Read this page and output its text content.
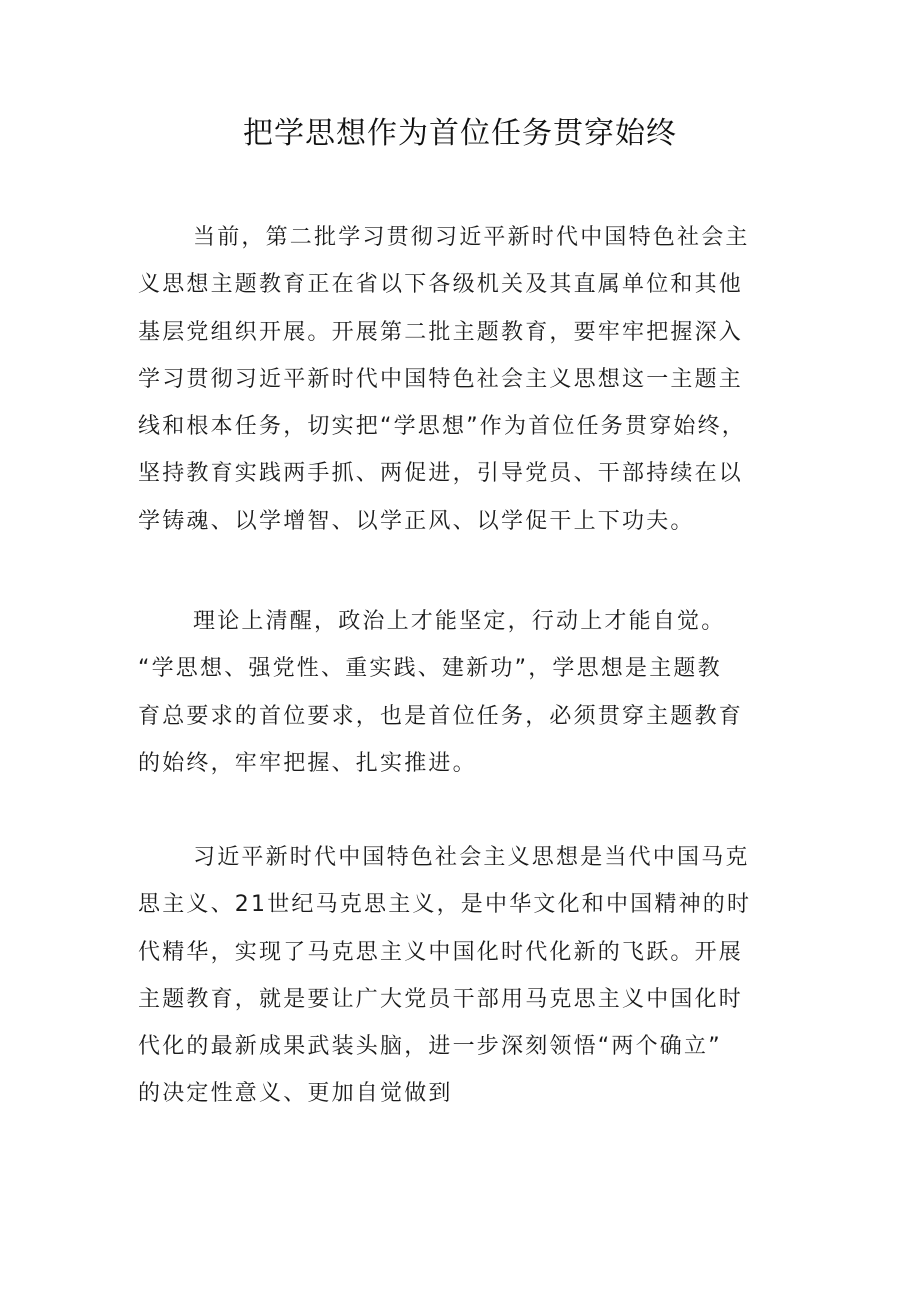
把学思想作为首位任务贯穿始终
当前，第二批学习贯彻习近平新时代中国特色社会主
义思想主题教育正在省以下各级机关及其直属单位和其他
基层党组织开展。开展第二批主题教育，要牢牢把握深入
学习贯彻习近平新时代中国特色社会主义思想这一主题主
线和根本任务，切实把“学思想”作为首位任务贯穿始终，
坚持教育实践两手抓、两促进，引导党员、干部持续在以
学铸魂、以学增智、以学正风、以学促干上下功夫。
理论上清醒，政治上才能坚定，行动上才能自觉。
“学思想、强党性、重实践、建新功”，学思想是主题教
育总要求的首位要求，也是首位任务，必须贯穿主题教育
的始终，牢牢把握、扎实推进。
习近平新时代中国特色社会主义思想是当代中国马克
思主义、21世纪马克思主义，是中华文化和中国精神的时
代精华，实现了马克思主义中国化时代化新的飞跃。开展
主题教育，就是要让广大党员干部用马克思主义中国化时
代化的最新成果武装头脑，进一步深刻领悟“两个确立”
的决定性意义、更加自觉做到
